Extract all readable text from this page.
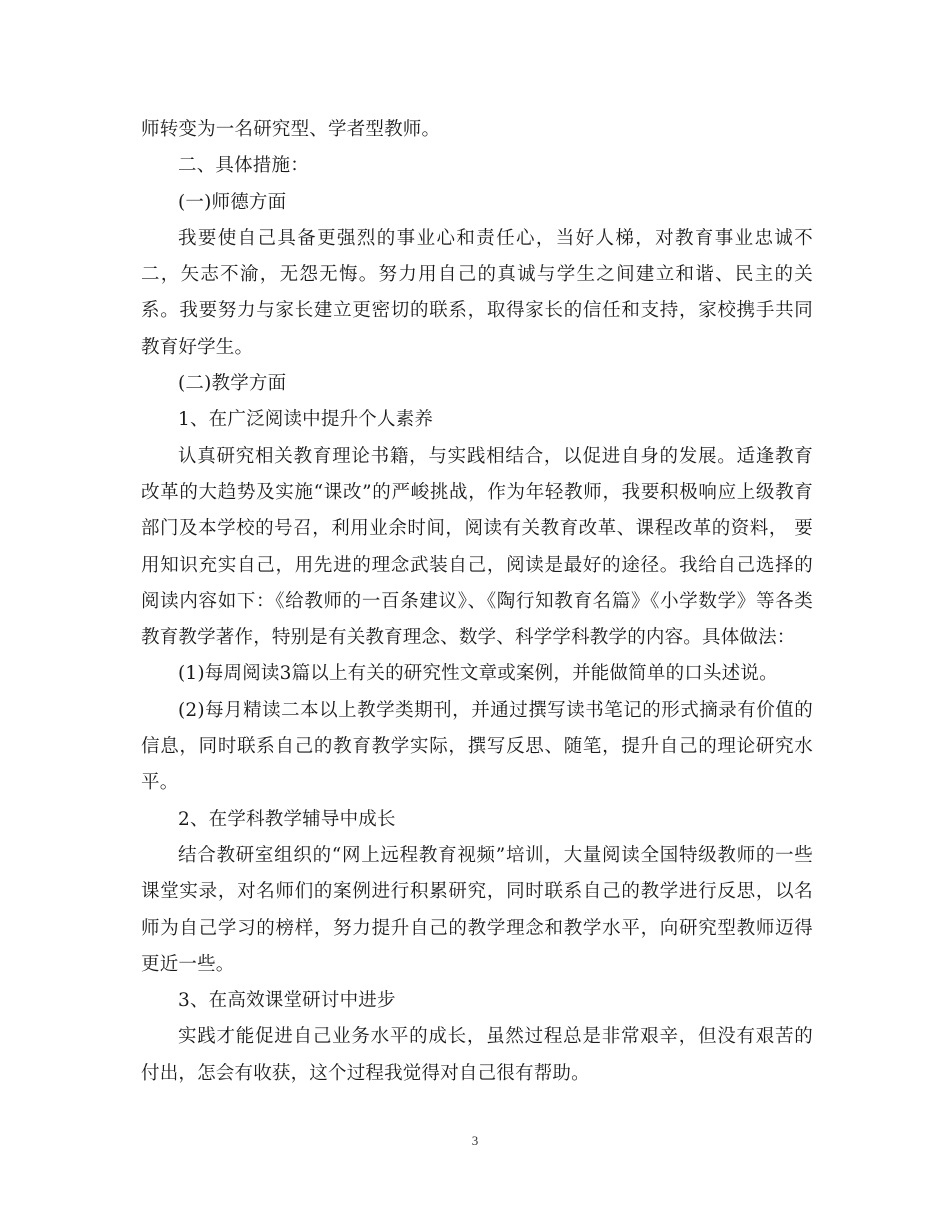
师转变为一名研究型、学者型教师。

二、具体措施：

(一)师德方面

我要使自己具备更强烈的事业心和责任心，当好人梯，对教育事业忠诚不二，矢志不渝，无怨无悔。努力用自己的真诚与学生之间建立和谐、民主的关系。我要努力与家长建立更密切的联系，取得家长的信任和支持，家校携手共同教育好学生。

(二)教学方面

1、在广泛阅读中提升个人素养

认真研究相关教育理论书籍，与实践相结合，以促进自身的发展。适逢教育改革的大趋势及实施“课改”的严峻挑战，作为年轻教师，我要积极响应上级教育部门及本学校的号召，利用业余时间，阅读有关教育改革、课程改革的资料， 要用知识充实自己，用先进的理念武装自己，阅读是最好的途径。我给自己选择的阅读内容如下：《给教师的一百条建议》、《陶行知教育名篇》《小学数学》等各类教育教学著作，特别是有关教育理念、数学、科学学科教学的内容。具体做法：

(1)每周阅读3篇以上有关的研究性文章或案例，并能做简单的口头述说。

(2)每月精读二本以上教学类期刊，并通过撰写读书笔记的形式摘录有价值的信息，同时联系自己的教育教学实际，撰写反思、随笔，提升自己的理论研究水平。

2、在学科教学辅导中成长

结合教研室组织的“网上远程教育视频”培训，大量阅读全国特级教师的一些课堂实录，对名师们的案例进行积累研究，同时联系自己的教学进行反思，以名师为自己学习的榜样，努力提升自己的教学理念和教学水平，向研究型教师迈得更近一些。

3、在高效课堂研讨中进步

实践才能促进自己业务水平的成长，虽然过程总是非常艰辛，但没有艰苦的付出，怎会有收获，这个过程我觉得对自己很有帮助。

3
